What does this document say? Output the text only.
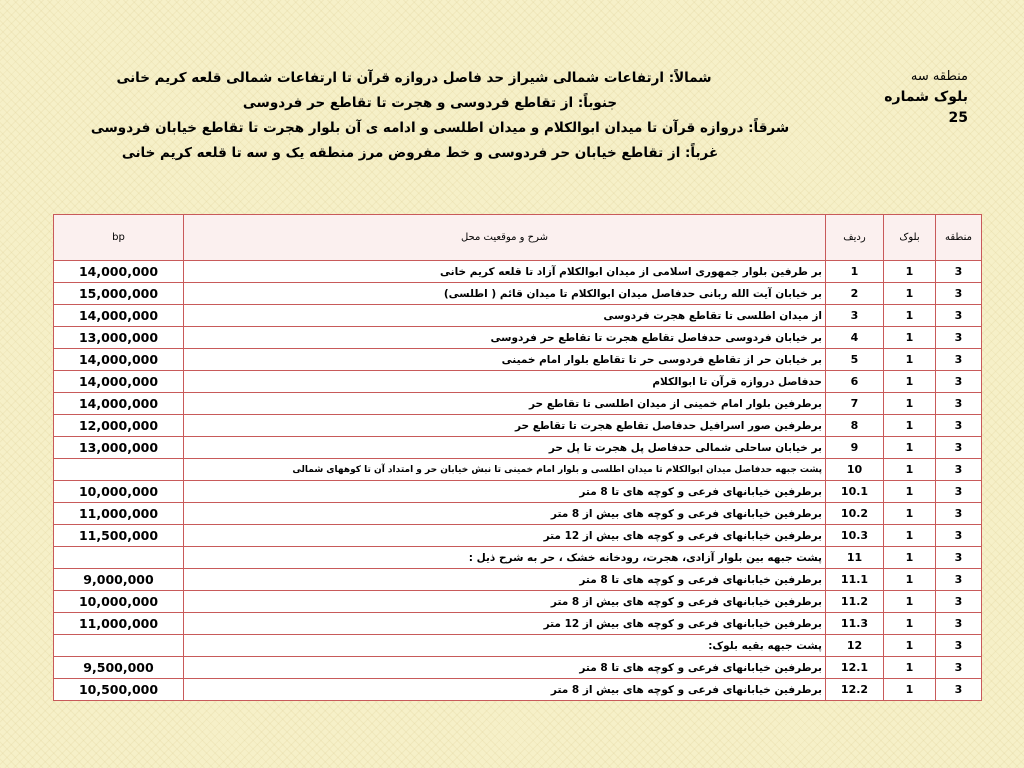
منطقه سه
بلوک شماره 25
شمالاً: ارتفاعات شمالی شیراز حد فاصل دروازه قرآن تا ارتفاعات شمالی قلعه کریم خانی
جنوباً: از تقاطع فردوسی و هجرت تا تقاطع حر فردوسی
شرقاً: دروازه قرآن تا میدان ابوالکلام و میدان اطلسی و ادامه ی آن بلوار هجرت تا تقاطع خیابان فردوسی
غرباً: از تقاطع خیابان حر فردوسی و خط مفروض مرز منطقه یک و سه تا قلعه کریم خانی
bp	شرح و موقعیت محل	ردیف	بلوک	منطقه
14,000,000	بر طرفین بلوار جمهوری اسلامی از میدان ابوالکلام آزاد تا قلعه کریم خانی	1	1	3
15,000,000	بر خیابان آیت الله ربانی حدفاصل میدان ابوالکلام تا میدان قائم ( اطلسی)	2	1	3
14,000,000	از میدان اطلسی تا تقاطع هجرت فردوسی	3	1	3
13,000,000	بر خیابان فردوسی حدفاصل تقاطع هجرت تا تقاطع حر فردوسی	4	1	3
14,000,000	بر خیابان حر از تقاطع فردوسی حر تا تقاطع بلوار امام خمینی	5	1	3
14,000,000	حدفاصل دروازه قرآن تا ابوالکلام	6	1	3
14,000,000	برطرفین بلوار امام خمینی از میدان اطلسی تا تقاطع حر	7	1	3
12,000,000	برطرفین صور اسرافیل حدفاصل تقاطع هجرت تا تقاطع حر	8	1	3
13,000,000	بر خیابان ساحلی شمالی حدفاصل پل هجرت تا پل حر	9	1	3
	پشت جبهه حدفاصل میدان ابوالکلام تا میدان اطلسی و بلوار امام خمینی تا نبش خیابان حر و امتداد آن تا کوههای شمالی	10	1	3
10,000,000	برطرفین خیابانهای فرعی و کوچه های تا 8 متر	10.1	1	3
11,000,000	برطرفین خیابانهای فرعی و کوچه های بیش از 8 متر	10.2	1	3
11,500,000	برطرفین خیابانهای فرعی و کوچه های بیش از 12 متر	10.3	1	3
	پشت جبهه بین بلوار آزادی، هجرت، رودخانه خشک ، حر به شرح ذیل :	11	1	3
9,000,000	برطرفین خیابانهای فرعی و کوچه های تا 8 متر	11.1	1	3
10,000,000	برطرفین خیابانهای فرعی و کوچه های بیش از 8 متر	11.2	1	3
11,000,000	برطرفین خیابانهای فرعی و کوچه های بیش از 12 متر	11.3	1	3
	پشت جبهه بقیه بلوک:	12	1	3
9,500,000	برطرفین خیابانهای فرعی و کوچه های تا 8 متر	12.1	1	3
10,500,000	برطرفین خیابانهای فرعی و کوچه های بیش از 8 متر	12.2	1	3
